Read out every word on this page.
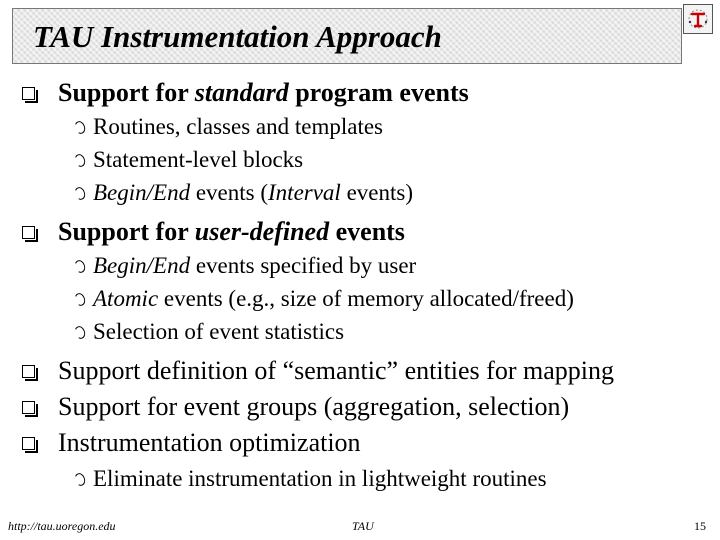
TAU Instrumentation Approach
Support for standard program events
Routines, classes and templates
Statement-level blocks
Begin/End events (Interval events)
Support for user-defined events
Begin/End events specified by user
Atomic events (e.g., size of memory allocated/freed)
Selection of event statistics
Support definition of “semantic” entities for mapping
Support for event groups (aggregation, selection)
Instrumentation optimization
Eliminate instrumentation in lightweight routines
http://tau.uoregon.edu	TAU	15
